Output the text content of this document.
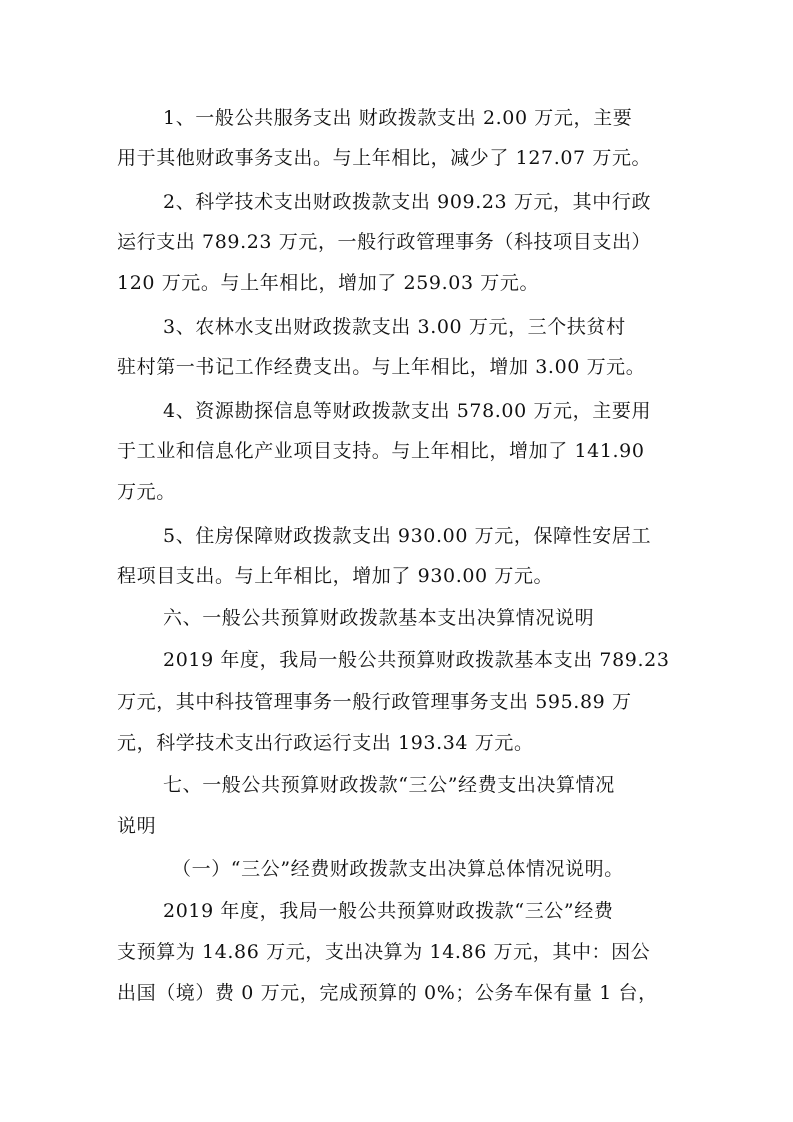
1、一般公共服务支出 财政拨款支出 2.00 万元，主要
用于其他财政事务支出。与上年相比，减少了 127.07 万元。
2、科学技术支出财政拨款支出 909.23 万元，其中行政
运行支出 789.23 万元，一般行政管理事务（科技项目支出）
120 万元。与上年相比，增加了 259.03 万元。
3、农林水支出财政拨款支出 3.00 万元，三个扶贫村
驻村第一书记工作经费支出。与上年相比，增加 3.00 万元。
4、资源勘探信息等财政拨款支出 578.00 万元，主要用
于工业和信息化产业项目支持。与上年相比，增加了 141.90
万元。
5、住房保障财政拨款支出 930.00 万元，保障性安居工
程项目支出。与上年相比，增加了 930.00 万元。
六、一般公共预算财政拨款基本支出决算情况说明
2019 年度，我局一般公共预算财政拨款基本支出 789.23
万元，其中科技管理事务一般行政管理事务支出 595.89 万
元，科学技术支出行政运行支出 193.34 万元。
七、一般公共预算财政拨款“三公”经费支出决算情况
说明
（一）“三公”经费财政拨款支出决算总体情况说明。
2019 年度，我局一般公共预算财政拨款“三公”经费
支预算为 14.86 万元，支出决算为 14.86 万元，其中：因公
出国（境）费 0 万元，完成预算的 0%；公务车保有量 1 台，
